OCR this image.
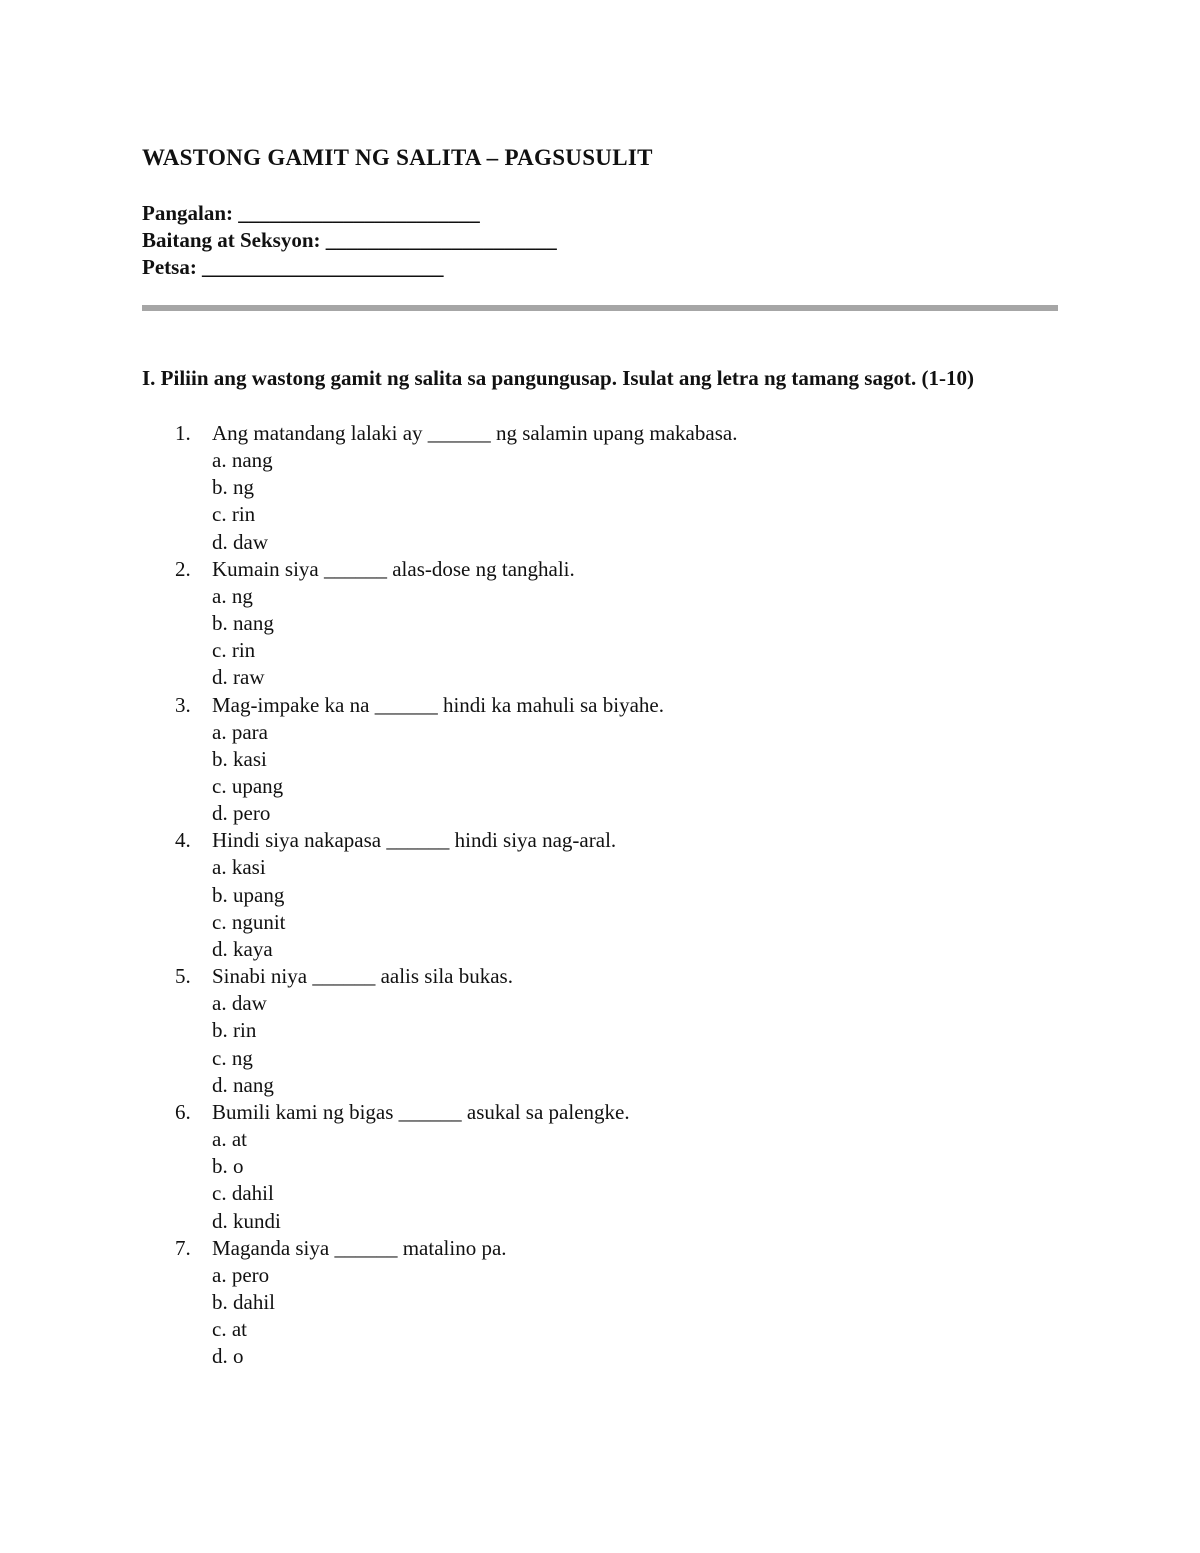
WASTONG GAMIT NG SALITA – PAGSUSULIT
Pangalan: _______________________
Baitang at Seksyon: ______________________
Petsa: _______________________
I. Piliin ang wastong gamit ng salita sa pangungusap. Isulat ang letra ng tamang sagot. (1-10)
1. Ang matandang lalaki ay ______ ng salamin upang makabasa.
a. nang
b. ng
c. rin
d. daw
2. Kumain siya ______ alas-dose ng tanghali.
a. ng
b. nang
c. rin
d. raw
3. Mag-impake ka na ______ hindi ka mahuli sa biyahe.
a. para
b. kasi
c. upang
d. pero
4. Hindi siya nakapasa ______ hindi siya nag-aral.
a. kasi
b. upang
c. ngunit
d. kaya
5. Sinabi niya ______ aalis sila bukas.
a. daw
b. rin
c. ng
d. nang
6. Bumili kami ng bigas ______ asukal sa palengke.
a. at
b. o
c. dahil
d. kundi
7. Maganda siya ______ matalino pa.
a. pero
b. dahil
c. at
d. o
